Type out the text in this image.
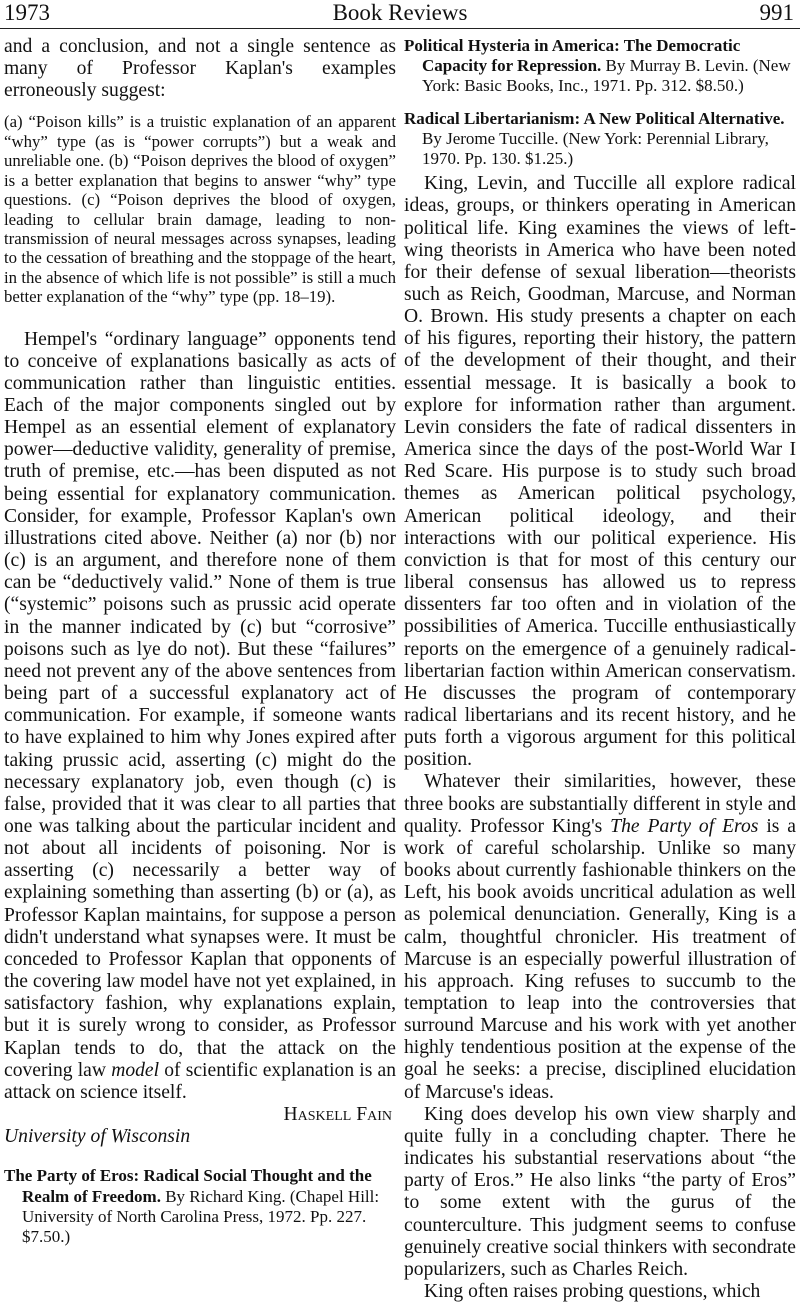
1973	Book Reviews	991

and a conclusion, and not a single sentence as many of Professor Kaplan's examples erroneously suggest:

(a) “Poison kills” is a truistic explanation of an apparent “why” type (as is “power corrupts”) but a weak and unreliable one. (b) “Poison deprives the blood of oxygen” is a better explanation that begins to answer “why” type questions. (c) “Poison deprives the blood of oxygen, leading to cellular brain damage, leading to non-transmission of neural messages across synapses, leading to the cessation of breathing and the stoppage of the heart, in the absence of which life is not possible” is still a much better explanation of the “why” type (pp. 18–19).

Hempel's “ordinary language” opponents tend to conceive of explanations basically as acts of communication rather than linguistic entities. Each of the major components singled out by Hempel as an essential element of explanatory power—deductive validity, generality of premise, truth of premise, etc.—has been disputed as not being essential for explanatory communication. Consider, for example, Professor Kaplan's own illustrations cited above. Neither (a) nor (b) nor (c) is an argument, and therefore none of them can be “deductively valid.” None of them is true (“systemic” poisons such as prussic acid operate in the manner indicated by (c) but “corrosive” poisons such as lye do not). But these “failures” need not prevent any of the above sentences from being part of a successful explanatory act of communication. For example, if someone wants to have explained to him why Jones expired after taking prussic acid, asserting (c) might do the necessary explanatory job, even though (c) is false, provided that it was clear to all parties that one was talking about the particular incident and not about all incidents of poisoning. Nor is asserting (c) necessarily a better way of explaining something than asserting (b) or (a), as Professor Kaplan maintains, for suppose a person didn't understand what synapses were. It must be conceded to Professor Kaplan that opponents of the covering law model have not yet explained, in satisfactory fashion, why explanations explain, but it is surely wrong to consider, as Professor Kaplan tends to do, that the attack on the covering law model of scientific explanation is an attack on science itself.

Haskell Fain

University of Wisconsin

The Party of Eros: Radical Social Thought and the Realm of Freedom. By Richard King. (Chapel Hill: University of North Carolina Press, 1972. Pp. 227. $7.50.)

Political Hysteria in America: The Democratic Capacity for Repression. By Murray B. Levin. (New York: Basic Books, Inc., 1971. Pp. 312. $8.50.)

Radical Libertarianism: A New Political Alternative. By Jerome Tuccille. (New York: Perennial Library, 1970. Pp. 130. $1.25.)

King, Levin, and Tuccille all explore radical ideas, groups, or thinkers operating in American political life. King examines the views of left-wing theorists in America who have been noted for their defense of sexual liberation—theorists such as Reich, Goodman, Marcuse, and Norman O. Brown. His study presents a chapter on each of his figures, reporting their history, the pattern of the development of their thought, and their essential message. It is basically a book to explore for information rather than argument. Levin considers the fate of radical dissenters in America since the days of the post-World War I Red Scare. His purpose is to study such broad themes as American political psychology, American political ideology, and their interactions with our political experience. His conviction is that for most of this century our liberal consensus has allowed us to repress dissenters far too often and in violation of the possibilities of America. Tuccille enthusiastically reports on the emergence of a genuinely radical-libertarian faction within American conservatism. He discusses the program of contemporary radical libertarians and its recent history, and he puts forth a vigorous argument for this political position.

Whatever their similarities, however, these three books are substantially different in style and quality. Professor King's The Party of Eros is a work of careful scholarship. Unlike so many books about currently fashionable thinkers on the Left, his book avoids uncritical adulation as well as polemical denunciation. Generally, King is a calm, thoughtful chronicler. His treatment of Marcuse is an especially powerful illustration of his approach. King refuses to succumb to the temptation to leap into the controversies that surround Marcuse and his work with yet another highly tendentious position at the expense of the goal he seeks: a precise, disciplined elucidation of Marcuse's ideas.

King does develop his own view sharply and quite fully in a concluding chapter. There he indicates his substantial reservations about “the party of Eros.” He also links “the party of Eros” to some extent with the gurus of the counterculture. This judgment seems to confuse genuinely creative social thinkers with secondrate popularizers, such as Charles Reich.

King often raises probing questions, which
